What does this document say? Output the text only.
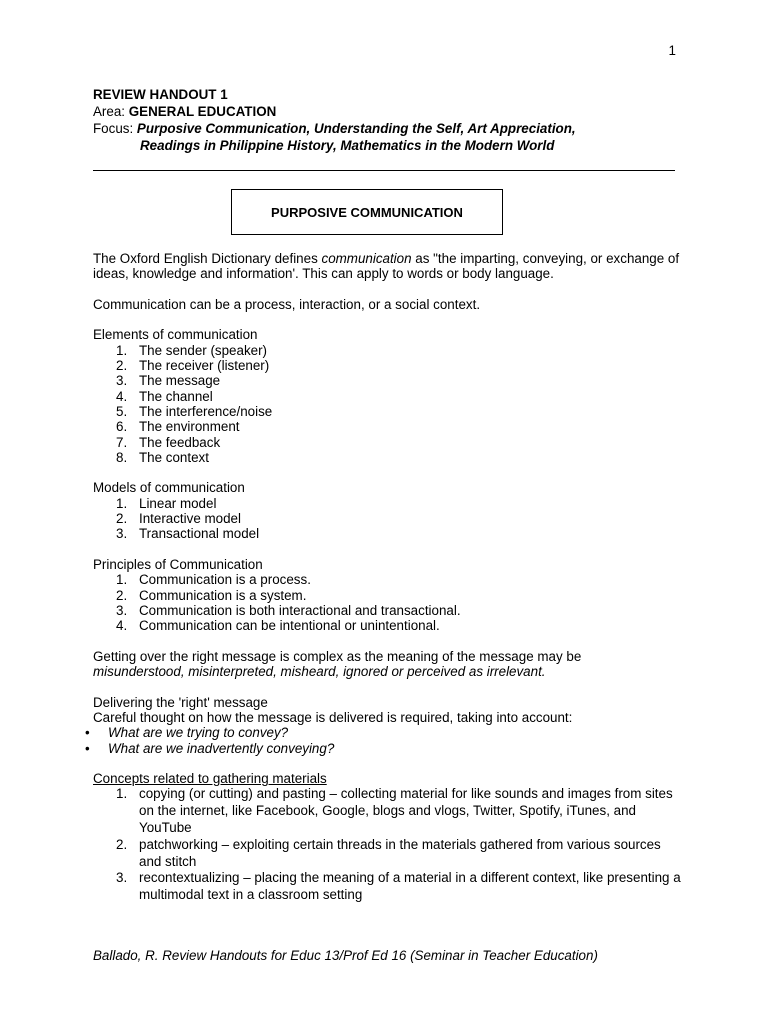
1
REVIEW HANDOUT 1
Area: GENERAL EDUCATION
Focus: Purposive Communication, Understanding the Self, Art Appreciation,
Readings in Philippine History, Mathematics in the Modern World
PURPOSIVE COMMUNICATION

The Oxford English Dictionary defines communication as "the imparting, conveying, or exchange of ideas, knowledge and information'. This can apply to words or body language.

Communication can be a process, interaction, or a social context.

Elements of communication

1. The sender (speaker)
2. The receiver (listener)
3. The message
4. The channel
5. The interference/noise
6. The environment
7. The feedback
8. The context

Models of communication

1. Linear model
2. Interactive model
3. Transactional model

Principles of Communication

1. Communication is a process.
2. Communication is a system.
3. Communication is both interactional and transactional.
4. Communication can be intentional or unintentional.

Getting over the right message is complex as the meaning of the message may be

misunderstood, misinterpreted, misheard, ignored or perceived as irrelevant.

Delivering the 'right' message

Careful thought on how the message is delivered is required, taking into account:

• What are we trying to convey?
• What are we inadvertently conveying?

Concepts related to gathering materials

1. copying (or cutting) and pasting – collecting material for like sounds and images from sites on the internet, like Facebook, Google, blogs and vlogs, Twitter, Spotify, iTunes, and YouTube
2. patchworking – exploiting certain threads in the materials gathered from various sources and stitch
3. recontextualizing – placing the meaning of a material in a different context, like presenting a multimodal text in a classroom setting
Ballado, R. Review Handouts for Educ 13/Prof Ed 16 (Seminar in Teacher Education)
